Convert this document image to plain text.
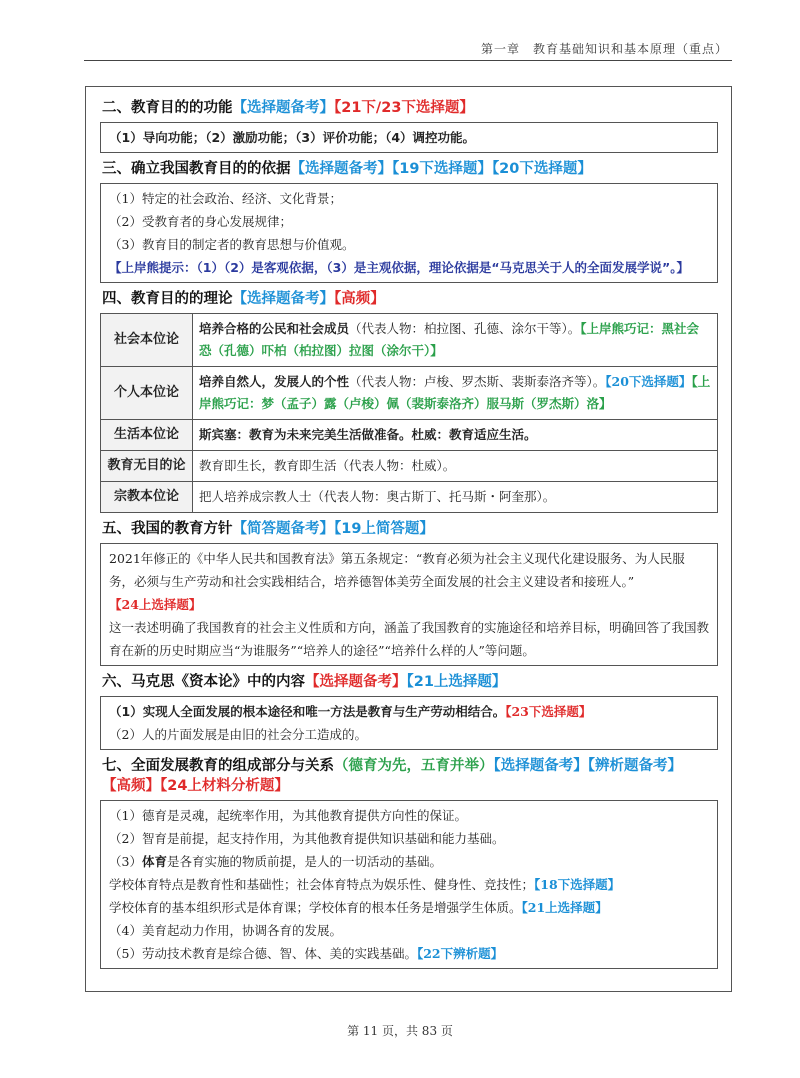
第一章　教育基础知识和基本原理（重点）
二、教育目的的功能【选择题备考】【21下/23下选择题】
（1）导向功能；（2）激励功能；（3）评价功能；（4）调控功能。
三、确立我国教育目的的依据【选择题备考】【19下选择题】【20下选择题】
（1）特定的社会政治、经济、文化背景；
（2）受教育者的身心发展规律；
（3）教育目的制定者的教育思想与价值观。
【上岸熊提示：（1）（2）是客观依据，（3）是主观依据，理论依据是“马克思关于人的全面发展学说”。】
四、教育目的的理论【选择题备考】【高频】
社会本位论	培养合格的公民和社会成员（代表人物：柏拉图、孔德、涂尔干等）。【上岸熊巧记：黑社会恐（孔德）吓柏（柏拉图）拉图（涂尔干）】
个人本位论	培养自然人，发展人的个性（代表人物：卢梭、罗杰斯、裴斯泰洛齐等）。【20下选择题】【上岸熊巧记：梦（孟子）露（卢梭）佩（裴斯泰洛齐）服马斯（罗杰斯）洛】
生活本位论	斯宾塞：教育为未来完美生活做准备。杜威：教育适应生活。
教育无目的论	教育即生长，教育即生活（代表人物：杜威）。
宗教本位论	把人培养成宗教人士（代表人物：奥古斯丁、托马斯・阿奎那）。
五、我国的教育方针【简答题备考】【19上简答题】
2021年修正的《中华人民共和国教育法》第五条规定：“教育必须为社会主义现代化建设服务、为人民服务，必须与生产劳动和社会实践相结合，培养德智体美劳全面发展的社会主义建设者和接班人。”
【24上选择题】
这一表述明确了我国教育的社会主义性质和方向，涵盖了我国教育的实施途径和培养目标，明确回答了我国教育在新的历史时期应当“为谁服务”“培养人的途径”“培养什么样的人”等问题。
六、马克思《资本论》中的内容【选择题备考】【21上选择题】
（1）实现人全面发展的根本途径和唯一方法是教育与生产劳动相结合。【23下选择题】
（2）人的片面发展是由旧的社会分工造成的。
七、全面发展教育的组成部分与关系（德育为先，五育并举）【选择题备考】【辨析题备考】
【高频】【24上材料分析题】
（1）德育是灵魂，起统率作用，为其他教育提供方向性的保证。
（2）智育是前提，起支持作用，为其他教育提供知识基础和能力基础。
（3）体育是各育实施的物质前提，是人的一切活动的基础。
学校体育特点是教育性和基础性；社会体育特点为娱乐性、健身性、竞技性；【18下选择题】
学校体育的基本组织形式是体育课；学校体育的根本任务是增强学生体质。【21上选择题】
（4）美育起动力作用，协调各育的发展。
（5）劳动技术教育是综合德、智、体、美的实践基础。【22下辨析题】
第 11 页，共 83 页
